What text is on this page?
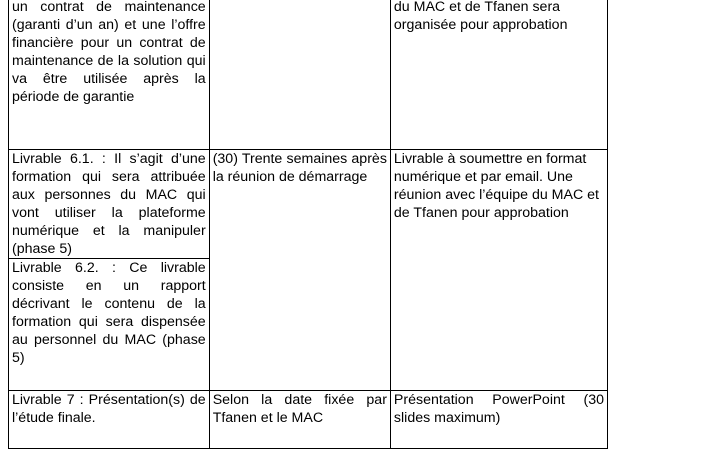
un contrat de maintenance (garanti d’un an) et une l’offre financière pour un contrat de maintenance de la solution qui va être utilisée après la période de garantie		du MAC et de Tfanen sera organisée pour approbation

Livrable 6.1. : Il s’agit d’une formation qui sera attribuée aux personnes du MAC qui vont utiliser la plateforme numérique et la manipuler (phase 5)	(30) Trente semaines après la réunion de démarrage	Livrable à soumettre en format numérique et par email. Une réunion avec l’équipe du MAC et de Tfanen pour approbation

Livrable 6.2. : Ce livrable consiste en un rapport décrivant le contenu de la formation qui sera dispensée au personnel du MAC (phase 5)		

Livrable 7 : Présentation(s) de l’étude finale.	Selon la date fixée par Tfanen et le MAC	Présentation PowerPoint (30 slides maximum)
